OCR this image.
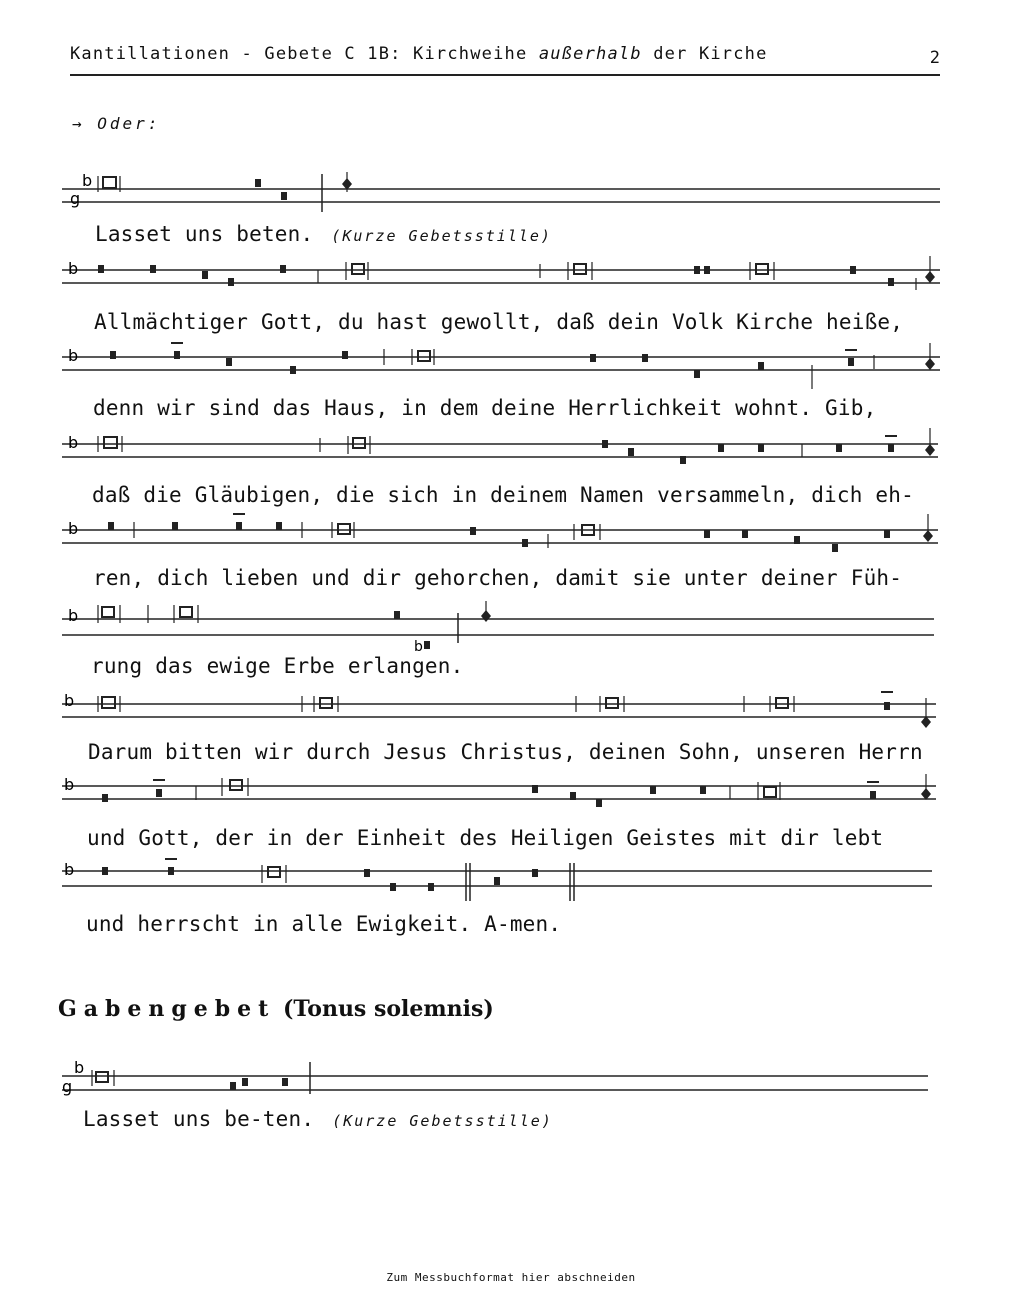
Kantillationen - Gebete C 1B: Kirchweihe außerhalb der Kirche	2
→ Oder:
b
g
Lasset uns beten. (Kurze Gebetsstille)
b
Allmächtiger Gott, du hast gewollt, daß dein Volk Kirche heiße,
b
denn wir sind das Haus, in dem deine Herrlichkeit wohnt. Gib,
b
daß die Gläubigen, die sich in deinem Namen versammeln, dich eh-
b
ren, dich lieben und dir gehorchen, damit sie unter deiner Füh-
b
b
rung das ewige Erbe erlangen.
b
Darum bitten wir durch Jesus Christus, deinen Sohn, unseren Herrn
b
und Gott, der in der Einheit des Heiligen Geistes mit dir lebt
b
und herrscht in alle Ewigkeit. A-men.
Gabengebet (Tonus solemnis)
b
g
Lasset uns be-ten. (Kurze Gebetsstille)
Zum Messbuchformat hier abschneiden
